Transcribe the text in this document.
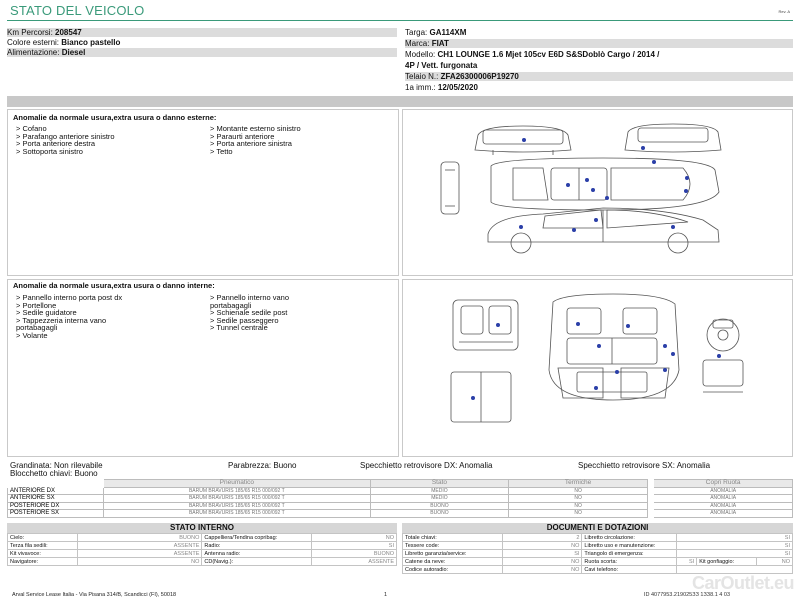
STATO DEL VEICOLO	Rev. A
Km Percorsi: 208547
Colore esterni: Bianco pastello
Alimentazione: Diesel
Targa: GA114XM
Marca: FIAT
Modello: CH1 LOUNGE 1.6 Mjet 105cv E6D S&SDoblò Cargo / 2014 /
4P / Vett. furgonata
Telaio N.: ZFA26300006P19270
1a imm.: 12/05/2020
Anomalie da normale usura,extra usura o danno esterne:
> Cofano
> Parafango anteriore sinistro
> Porta anteriore destra
> Sottoporta sinistro
> Montante esterno sinistro
> Paraurti anteriore
> Porta anteriore sinistra
> Tetto
Anomalie da normale usura,extra usura o danno interne:
> Pannello interno porta post dx
> Portellone
> Sedile guidatore
> Tappezzeria interna vano
portabagagli
> Volante
> Pannello interno vano
portabagagli
> Schienale sedile post
> Sedile passeggero
> Tunnel centrale
Grandinata: Non rilevabile
Blocchetto chiavi: Buono
Parabrezza: Buono	Specchietto retrovisore DX: Anomalia	Specchietto retrovisore SX: Anomalia
	Pneumatico	Stato	Termiche		Copri Ruota
ANTERIORE DX	BARUM BRAVURIS 185/65 R15 000/092 T	MEDIO	NO		ANOMALIA
ANTERIORE SX	BARUM BRAVURIS 185/65 R15 000/092 T	MEDIO	NO		ANOMALIA
POSTERIORE DX	BARUM BRAVURIS 185/65 R15 000/092 T	BUONO	NO		ANOMALIA
POSTERIORE SX	BARUM BRAVURIS 185/65 R15 000/092 T	BUONO	NO		ANOMALIA
STATO INTERNO
Cielo:	BUONO	Cappelliera/Tendina copribag:	NO
Terza fila sedili:	ASSENTE	Radio:	SI
Kit vivavoce:	ASSENTE	Antenna radio:	BUONO
Navigatore:	NO	CD(Navig.):	ASSENTE
DOCUMENTI E DOTAZIONI
Totale chiavi:	2	Libretto circolazione:	SI		
Tessere code:	NO	Libretto uso e manutenzione:	SI		
Libretto garanzia/service:	SI	Triangolo di emergenza:	SI		
Catene da neve:	NO	Ruota scorta:	SI	Kit gonfiaggio:	NO
Codice autoradio:	NO	Cavi telefono:			
Arval Service Lease Italia - Via Pisana 314/B, Scandicci (FI), 50018	1	ID 4077953.219025ЗЗ 1ЗЗ8.1 4 03
CarOutlet.eu
